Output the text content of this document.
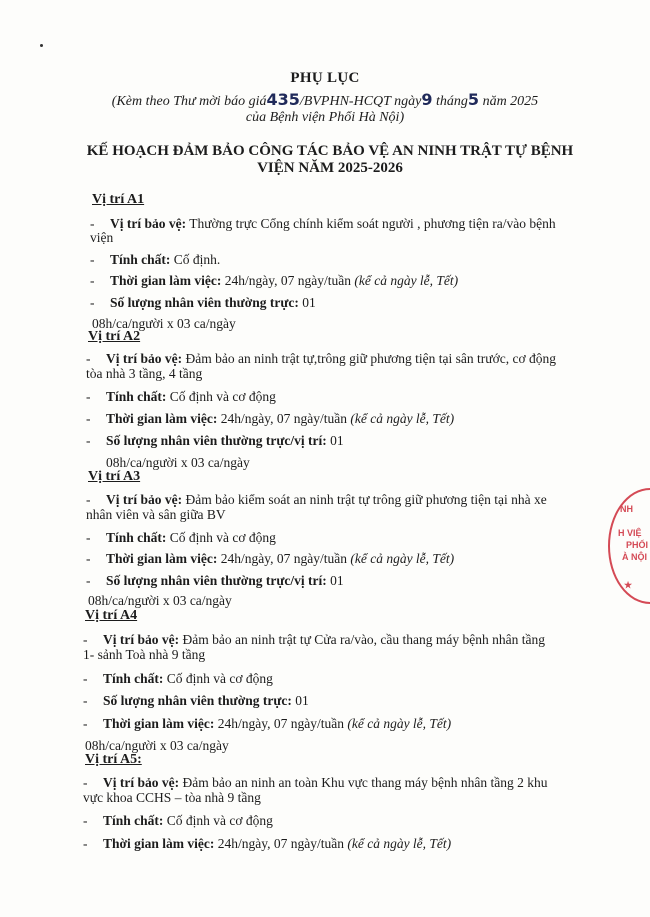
PHỤ LỤC
(Kèm theo Thư mời báo giá435/BVPHN-HCQT ngày9 tháng5 năm 2025
của Bệnh viện Phổi Hà Nội)
KẾ HOẠCH ĐẢM BẢO CÔNG TÁC BẢO VỆ AN NINH TRẬT TỰ BỆNH
VIỆN NĂM 2025-2026
Vị trí A1
- Vị trí bảo vệ: Thường trực Cổng chính kiểm soát người , phương tiện ra/vào bệnh
viện
- Tính chất: Cố định.
- Thời gian làm việc: 24h/ngày, 07 ngày/tuần (kể cả ngày lễ, Tết)
- Số lượng nhân viên thường trực: 01
08h/ca/người x 03 ca/ngày
Vị trí A2
- Vị trí bảo vệ: Đảm bảo an ninh trật tự,trông giữ phương tiện tại sân trước, cơ động
tòa nhà 3 tầng, 4 tầng
- Tính chất: Cố định và cơ động
- Thời gian làm việc: 24h/ngày, 07 ngày/tuần (kể cả ngày lễ, Tết)
- Số lượng nhân viên thường trực/vị trí: 01
08h/ca/người x 03 ca/ngày
Vị trí A3
- Vị trí bảo vệ: Đảm bảo kiểm soát an ninh trật tự trông giữ phương tiện tại nhà xe
nhân viên và sân giữa BV
- Tính chất: Cố định và cơ động
- Thời gian làm việc: 24h/ngày, 07 ngày/tuần (kể cả ngày lễ, Tết)
- Số lượng nhân viên thường trực/vị trí: 01
08h/ca/người x 03 ca/ngày
Vị trí A4
- Vị trí bảo vệ: Đảm bảo an ninh trật tự Cửa ra/vào, cầu thang máy bệnh nhân tầng
1- sảnh Toà nhà 9 tầng
- Tính chất: Cố định và cơ động
- Số lượng nhân viên thường trực: 01
- Thời gian làm việc: 24h/ngày, 07 ngày/tuần (kể cả ngày lễ, Tết)
08h/ca/người x 03 ca/ngày
Vị trí A5:
- Vị trí bảo vệ: Đảm bảo an ninh an toàn Khu vực thang máy bệnh nhân tầng 2 khu
vực khoa CCHS – tòa nhà 9 tầng
- Tính chất: Cố định và cơ động
- Thời gian làm việc: 24h/ngày, 07 ngày/tuần (kể cả ngày lễ, Tết)
NH
H VIỆ
PHỔI
À NỘI
★
